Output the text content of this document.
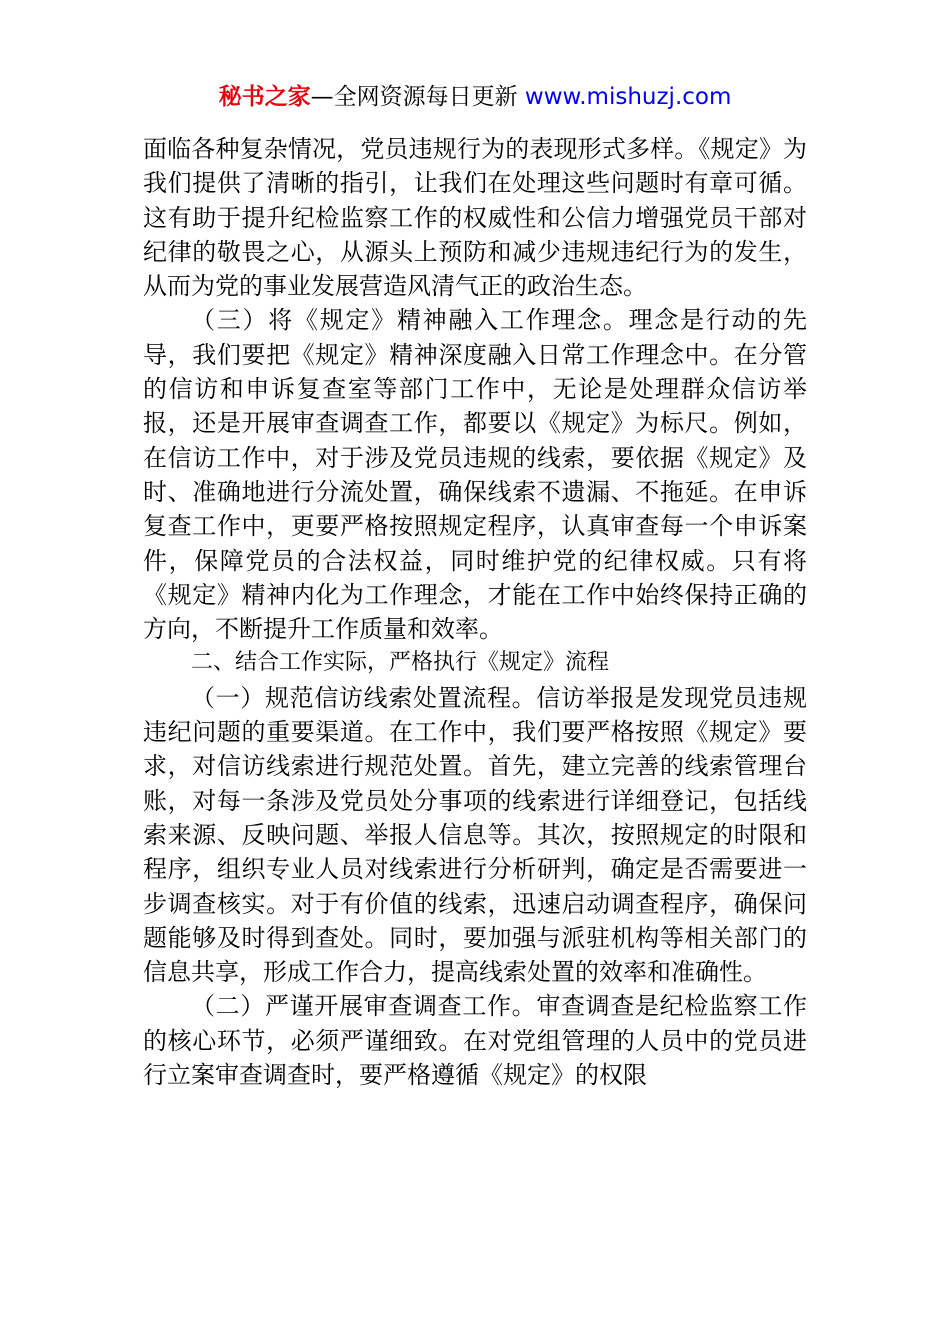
秘书之家—全网资源每日更新 www.mishuzj.com

面临各种复杂情况，党员违规行为的表现形式多样。《规定》为我们提供了清晰的指引，让我们在处理这些问题时有章可循。这有助于提升纪检监察工作的权威性和公信力增强党员干部对纪律的敬畏之心，从源头上预防和减少违规违纪行为的发生，从而为党的事业发展营造风清气正的政治生态。

（三）将《规定》精神融入工作理念。理念是行动的先导，我们要把《规定》精神深度融入日常工作理念中。在分管的信访和申诉复查室等部门工作中，无论是处理群众信访举报，还是开展审查调查工作，都要以《规定》为标尺。例如，在信访工作中，对于涉及党员违规的线索，要依据《规定》及时、准确地进行分流处置，确保线索不遗漏、不拖延。在申诉复查工作中，更要严格按照规定程序，认真审查每一个申诉案件，保障党员的合法权益，同时维护党的纪律权威。只有将《规定》精神内化为工作理念，才能在工作中始终保持正确的方向，不断提升工作质量和效率。

二、结合工作实际，严格执行《规定》流程

（一）规范信访线索处置流程。信访举报是发现党员违规违纪问题的重要渠道。在工作中，我们要严格按照《规定》要求，对信访线索进行规范处置。首先，建立完善的线索管理台账，对每一条涉及党员处分事项的线索进行详细登记，包括线索来源、反映问题、举报人信息等。其次，按照规定的时限和程序，组织专业人员对线索进行分析研判，确定是否需要进一步调查核实。对于有价值的线索，迅速启动调查程序，确保问题能够及时得到查处。同时，要加强与派驻机构等相关部门的信息共享，形成工作合力，提高线索处置的效率和准确性。

（二）严谨开展审查调查工作。审查调查是纪检监察工作的核心环节，必须严谨细致。在对党组管理的人员中的党员进行立案审查调查时，要严格遵循《规定》的权限
